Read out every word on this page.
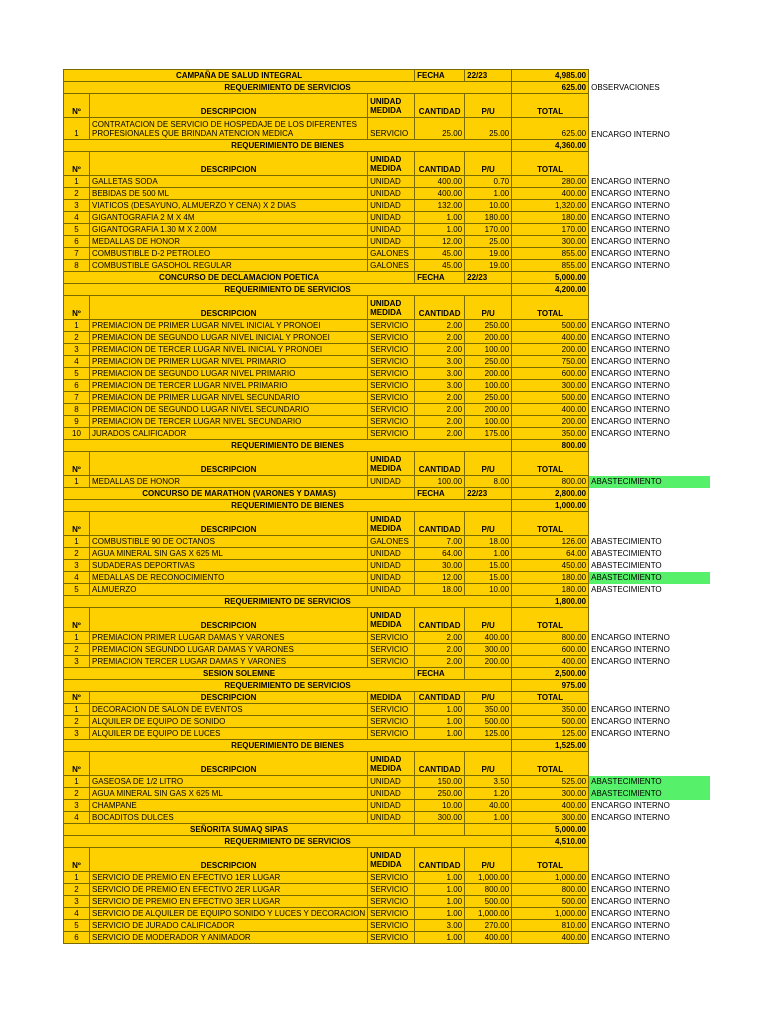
CAMPAÑA DE SALUD INTEGRAL			FECHA	22/23	4,985.00	
REQUERIMIENTO DE SERVICIOS					625.00	OBSERVACIONES
Nº	DESCRIPCION	UNIDAD MEDIDA	CANTIDAD	P/U	TOTAL	
1	CONTRATACION DE SERVICIO DE HOSPEDAJE DE LOS DIFERENTES PROFESIONALES QUE BRINDAN ATENCION MEDICA	SERVICIO	25.00	25.00	625.00	ENCARGO INTERNO
REQUERIMIENTO DE BIENES					4,360.00	
Nº	DESCRIPCION	UNIDAD MEDIDA	CANTIDAD	P/U	TOTAL	
1	GALLETAS SODA	UNIDAD	400.00	0.70	280.00	ENCARGO INTERNO
2	BEBIDAS DE 500 ML	UNIDAD	400.00	1.00	400.00	ENCARGO INTERNO
3	VIATICOS (DESAYUNO, ALMUERZO Y CENA) X 2 DIAS	UNIDAD	132.00	10.00	1,320.00	ENCARGO INTERNO
4	GIGANTOGRAFIA 2 M X 4M	UNIDAD	1.00	180.00	180.00	ENCARGO INTERNO
5	GIGANTOGRAFIA 1.30 M X 2.00M	UNIDAD	1.00	170.00	170.00	ENCARGO INTERNO
6	MEDALLAS DE HONOR	UNIDAD	12.00	25.00	300.00	ENCARGO INTERNO
7	COMBUSTIBLE D-2 PETROLEO	GALONES	45.00	19.00	855.00	ENCARGO INTERNO
8	COMBUSTIBLE GASOHOL REGULAR	GALONES	45.00	19.00	855.00	ENCARGO INTERNO
CONCURSO DE DECLAMACION POETICA			FECHA	22/23	5,000.00	
REQUERIMIENTO DE SERVICIOS					4,200.00	
Nº	DESCRIPCION	UNIDAD MEDIDA	CANTIDAD	P/U	TOTAL	
1	PREMIACION DE PRIMER LUGAR NIVEL INICIAL Y PRONOEI	SERVICIO	2.00	250.00	500.00	ENCARGO INTERNO
2	PREMIACION DE SEGUNDO LUGAR NIVEL INICIAL Y PRONOEI	SERVICIO	2.00	200.00	400.00	ENCARGO INTERNO
3	PREMIACION DE TERCER LUGAR NIVEL INICIAL Y PRONOEI	SERVICIO	2.00	100.00	200.00	ENCARGO INTERNO
4	PREMIACION DE PRIMER LUGAR NIVEL PRIMARIO	SERVICIO	3.00	250.00	750.00	ENCARGO INTERNO
5	PREMIACION DE SEGUNDO LUGAR NIVEL PRIMARIO	SERVICIO	3.00	200.00	600.00	ENCARGO INTERNO
6	PREMIACION DE TERCER LUGAR NIVEL PRIMARIO	SERVICIO	3.00	100.00	300.00	ENCARGO INTERNO
7	PREMIACION DE PRIMER LUGAR NIVEL SECUNDARIO	SERVICIO	2.00	250.00	500.00	ENCARGO INTERNO
8	PREMIACION DE SEGUNDO LUGAR NIVEL SECUNDARIO	SERVICIO	2.00	200.00	400.00	ENCARGO INTERNO
9	PREMIACION DE TERCER LUGAR NIVEL SECUNDARIO	SERVICIO	2.00	100.00	200.00	ENCARGO INTERNO
10	JURADOS CALIFICADOR	SERVICIO	2.00	175.00	350.00	ENCARGO INTERNO
REQUERIMIENTO DE BIENES					800.00	
Nº	DESCRIPCION	UNIDAD MEDIDA	CANTIDAD	P/U	TOTAL	
1	MEDALLAS DE HONOR	UNIDAD	100.00	8.00	800.00	ABASTECIMIENTO
CONCURSO DE MARATHON (VARONES Y DAMAS)			FECHA	22/23	2,800.00	
REQUERIMIENTO DE BIENES					1,000.00	
Nº	DESCRIPCION	UNIDAD MEDIDA	CANTIDAD	P/U	TOTAL	
1	COMBUSTIBLE 90 DE OCTANOS	GALONES	7.00	18.00	126.00	ABASTECIMIENTO
2	AGUA MINERAL SIN GAS X 625 ML	UNIDAD	64.00	1.00	64.00	ABASTECIMIENTO
3	SUDADERAS DEPORTIVAS	UNIDAD	30.00	15.00	450.00	ABASTECIMIENTO
4	MEDALLAS DE RECONOCIMIENTO	UNIDAD	12.00	15.00	180.00	ABASTECIMIENTO
5	ALMUERZO	UNIDAD	18.00	10.00	180.00	ABASTECIMIENTO
REQUERIMIENTO DE SERVICIOS					1,800.00	
Nº	DESCRIPCION	UNIDAD MEDIDA	CANTIDAD	P/U	TOTAL	
1	PREMIACION PRIMER LUGAR DAMAS Y VARONES	SERVICIO	2.00	400.00	800.00	ENCARGO INTERNO
2	PREMIACION SEGUNDO LUGAR DAMAS Y VARONES	SERVICIO	2.00	300.00	600.00	ENCARGO INTERNO
3	PREMIACION TERCER LUGAR DAMAS Y VARONES	SERVICIO	2.00	200.00	400.00	ENCARGO INTERNO
SESION SOLEMNE			FECHA		2,500.00	
REQUERIMIENTO DE SERVICIOS					975.00	
Nº	DESCRIPCION	MEDIDA	CANTIDAD	P/U	TOTAL	
1	DECORACION DE SALON DE EVENTOS	SERVICIO	1.00	350.00	350.00	ENCARGO INTERNO
2	ALQUILER DE EQUIPO DE SONIDO	SERVICIO	1.00	500.00	500.00	ENCARGO INTERNO
3	ALQUILER DE EQUIPO DE LUCES	SERVICIO	1.00	125.00	125.00	ENCARGO INTERNO
REQUERIMIENTO DE BIENES					1,525.00	
Nº	DESCRIPCION	UNIDAD MEDIDA	CANTIDAD	P/U	TOTAL	
1	GASEOSA DE 1/2 LITRO	UNIDAD	150.00	3.50	525.00	ABASTECIMIENTO
2	AGUA MINERAL SIN GAS X 625 ML	UNIDAD	250.00	1.20	300.00	ABASTECIMIENTO
3	CHAMPANE	UNIDAD	10.00	40.00	400.00	ENCARGO INTERNO
4	BOCADITOS DULCES	UNIDAD	300.00	1.00	300.00	ENCARGO INTERNO
SEÑORITA SUMAQ SIPAS					5,000.00	
REQUERIMIENTO DE SERVICIOS					4,510.00	
Nº	DESCRIPCION	UNIDAD MEDIDA	CANTIDAD	P/U	TOTAL	
1	SERVICIO DE PREMIO EN EFECTIVO 1ER LUGAR	SERVICIO	1.00	1,000.00	1,000.00	ENCARGO INTERNO
2	SERVICIO DE PREMIO EN EFECTIVO 2ER LUGAR	SERVICIO	1.00	800.00	800.00	ENCARGO INTERNO
3	SERVICIO DE PREMIO EN EFECTIVO 3ER LUGAR	SERVICIO	1.00	500.00	500.00	ENCARGO INTERNO
4	SERVICIO DE ALQUILER DE EQUIPO SONIDO Y LUCES Y DECORACION	SERVICIO	1.00	1,000.00	1,000.00	ENCARGO INTERNO
5	SERVICIO DE JURADO CALIFICADOR	SERVICIO	3.00	270.00	810.00	ENCARGO INTERNO
6	SERVICIO DE MODERADOR Y ANIMADOR	SERVICIO	1.00	400.00	400.00	ENCARGO INTERNO
